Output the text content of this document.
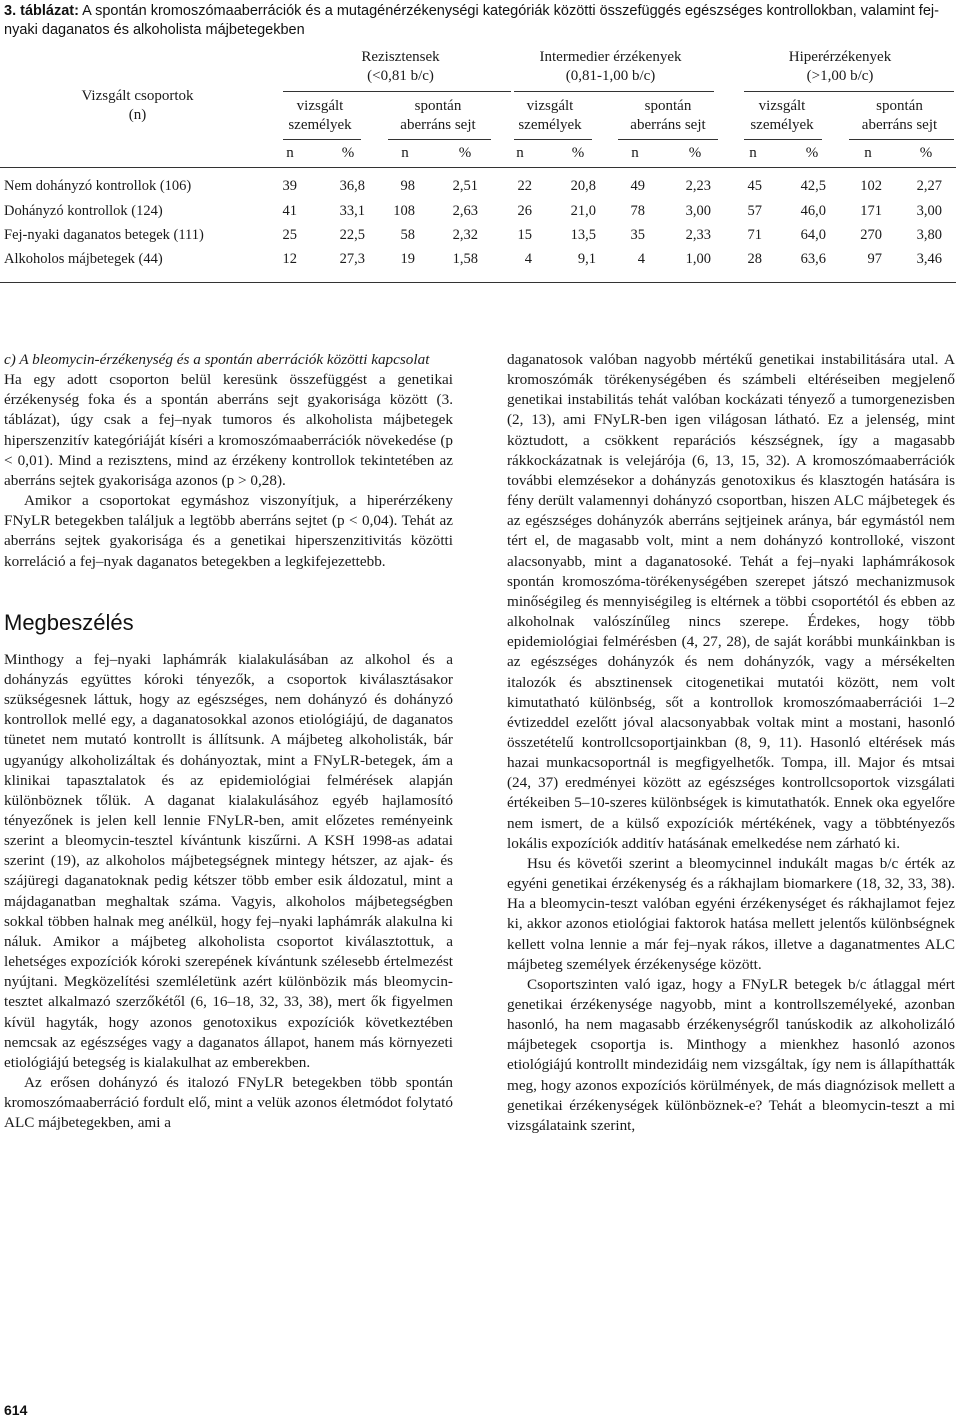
3. táblázat: A spontán kromoszómaaberrációk és a mutagénérzékenységi kategóriák közötti összefüggés egészséges kontrollokban, valamint fej-nyaki daganatos és alkoholista májbetegekben
Vizsgált csoportok
(n)
Rezisztensek
(<0,81 b/c)
Intermedier érzékenyek
(0,81-1,00 b/c)
Hiperérzékenyek
(>1,00 b/c)
vizsgált
személyek
spontán
aberráns sejt
vizsgált
személyek
spontán
aberráns sejt
vizsgált
személyek
spontán
aberráns sejt
n	%	n	%	n	%	n	%	n	%	n	%
Nem dohányzó kontrollok (106)	39	36,8	98	2,51	22	20,8	49	2,23	45	42,5	102	2,27
Dohányzó kontrollok (124)	41	33,1	108	2,63	26	21,0	78	3,00	57	46,0	171	3,00
Fej-nyaki daganatos betegek (111)	25	22,5	58	2,32	15	13,5	35	2,33	71	64,0	270	3,80
Alkoholos májbetegek (44)	12	27,3	19	1,58	4	9,1	4	1,00	28	63,6	97	3,46

c) A bleomycin-érzékenység és a spontán aberrációk közötti kapcsolat

Ha egy adott csoporton belül keresünk összefüggést a genetikai érzékenység foka és a spontán aberráns sejt gyakorisága között (3. táblázat), úgy csak a fej–nyak tumoros és alkoholista májbetegek hiperszenzitív kategóriáját kíséri a kromoszómaaberrációk növekedése (p < 0,01). Mind a rezisztens, mind az érzékeny kontrollok tekintetében az aberráns sejtek gyakorisága azonos (p > 0,28).

Amikor a csoportokat egymáshoz viszonyítjuk, a hiperérzékeny FNyLR betegekben találjuk a legtöbb aberráns sejtet (p < 0,04). Tehát az aberráns sejtek gyakorisága és a genetikai hiperszenzitivitás közötti korreláció a fej–nyak daganatos betegekben a legkifejezettebb.

Megbeszélés

Minthogy a fej–nyaki laphámrák kialakulásában az alkohol és a dohányzás együttes kóroki tényezők, a csoportok kiválasztásakor szükségesnek láttuk, hogy az egészséges, nem dohányzó és dohányzó kontrollok mellé egy, a daganatosokkal azonos etiológiájú, de daganatos tünetet nem mutató kontrollt is állítsunk. A májbeteg alkoholisták, bár ugyanúgy alkoholizáltak és dohányoztak, mint a FNyLR-betegek, ám a klinikai tapasztalatok és az epidemiológiai felmérések alapján különböznek tőlük. A daganat kialakulásához egyéb hajlamosító tényezőnek is jelen kell lennie FNyLR-ben, amit előzetes reményeink szerint a bleomycin-tesztel kívántunk kiszűrni. A KSH 1998-as adatai szerint (19), az alkoholos májbetegségnek mintegy hétszer, az ajak- és szájüregi daganatoknak pedig kétszer több ember esik áldozatul, mint a májdaganatban meghaltak száma. Vagyis, alkoholos májbetegségben sokkal többen halnak meg anélkül, hogy fej–nyaki laphámrák alakulna ki náluk. Amikor a májbeteg alkoholista csoportot kiválasztottuk, a lehetséges expozíciók kóroki szerepének kívántunk szélesebb értelmezést nyújtani. Megközelítési szemléletünk azért különbözik más bleomycin-tesztet alkalmazó szerzőkétől (6, 16–18, 32, 33, 38), mert ők figyelmen kívül hagyták, hogy azonos genotoxikus expozíciók következtében nemcsak az egészséges vagy a daganatos állapot, hanem más környezeti etiológiájú betegség is kialakulhat az emberekben.

Az erősen dohányzó és italozó FNyLR betegekben több spontán kromoszómaaberráció fordult elő, mint a velük azonos életmódot folytató ALC májbetegekben, ami a

daganatosok valóban nagyobb mértékű genetikai instabilitására utal. A kromoszómák törékenységében és számbeli eltéréseiben megjelenő genetikai instabilitás tehát valóban kockázati tényező a tumorgenezisben (2, 13), ami FNyLR-ben igen világosan látható. Ez a jelenség, mint köztudott, a csökkent reparációs készségnek, így a magasabb rákkockázatnak is velejárója (6, 13, 15, 32). A kromoszómaaberrációk további elemzésekor a dohányzás genotoxikus és klasztogén hatására is fény derült valamennyi dohányzó csoportban, hiszen ALC májbetegek és az egészséges dohányzók aberráns sejtjeinek aránya, bár egymástól nem tért el, de magasabb volt, mint a nem dohányzó kontrolloké, viszont alacsonyabb, mint a daganatosoké. Tehát a fej–nyaki laphámrákosok spontán kromoszóma-törékenységében szerepet játszó mechanizmusok minőségileg és mennyiségileg is eltérnek a többi csoportétól és ebben az alkoholnak valószínűleg nincs szerepe. Érdekes, hogy több epidemiológiai felmérésben (4, 27, 28), de saját korábbi munkáinkban is az egészséges dohányzók és nem dohányzók, vagy a mérsékelten italozók és absztinensek citogenetikai mutatói között, nem volt kimutatható különbség, sőt a kontrollok kromoszómaaberrációi 1–2 évtizeddel ezelőtt jóval alacsonyabbak voltak mint a mostani, hasonló összetételű kontrollcsoportjainkban (8, 9, 11). Hasonló eltérések más hazai munkacsoportnál is megfigyelhetők. Tompa, ill. Major és mtsai (24, 37) eredményei között az egészséges kontrollcsoportok vizsgálati értékeiben 5–10-szeres különbségek is kimutathatók. Ennek oka egyelőre nem ismert, de a külső expozíciók mértékének, vagy a többtényezős lokális expozíciók additív hatásának emelkedése nem zárható ki.

Hsu és követői szerint a bleomycinnel indukált magas b/c érték az egyéni genetikai érzékenység és a rákhajlam biomarkere (18, 32, 33, 38). Ha a bleomycin-teszt valóban egyéni érzékenységet és rákhajlamot fejez ki, akkor azonos etiológiai faktorok hatása mellett jelentős különbségnek kellett volna lennie a már fej–nyak rákos, illetve a daganatmentes ALC májbeteg személyek érzékenysége között.

Csoportszinten való igaz, hogy a FNyLR betegek b/c átlaggal mért genetikai érzékenysége nagyobb, mint a kontrollszemélyeké, azonban hasonló, ha nem magasabb érzékenységről tanúskodik az alkoholizáló májbetegek csoportja is. Minthogy a mienkhez hasonló azonos etiológiájú kontrollt mindezidáig nem vizsgáltak, így nem is állapíthatták meg, hogy azonos expozíciós körülmények, de más diagnózisok mellett a genetikai érzékenységek különböznek-e? Tehát a bleomycin-teszt a mi vizsgálataink szerint,

614
